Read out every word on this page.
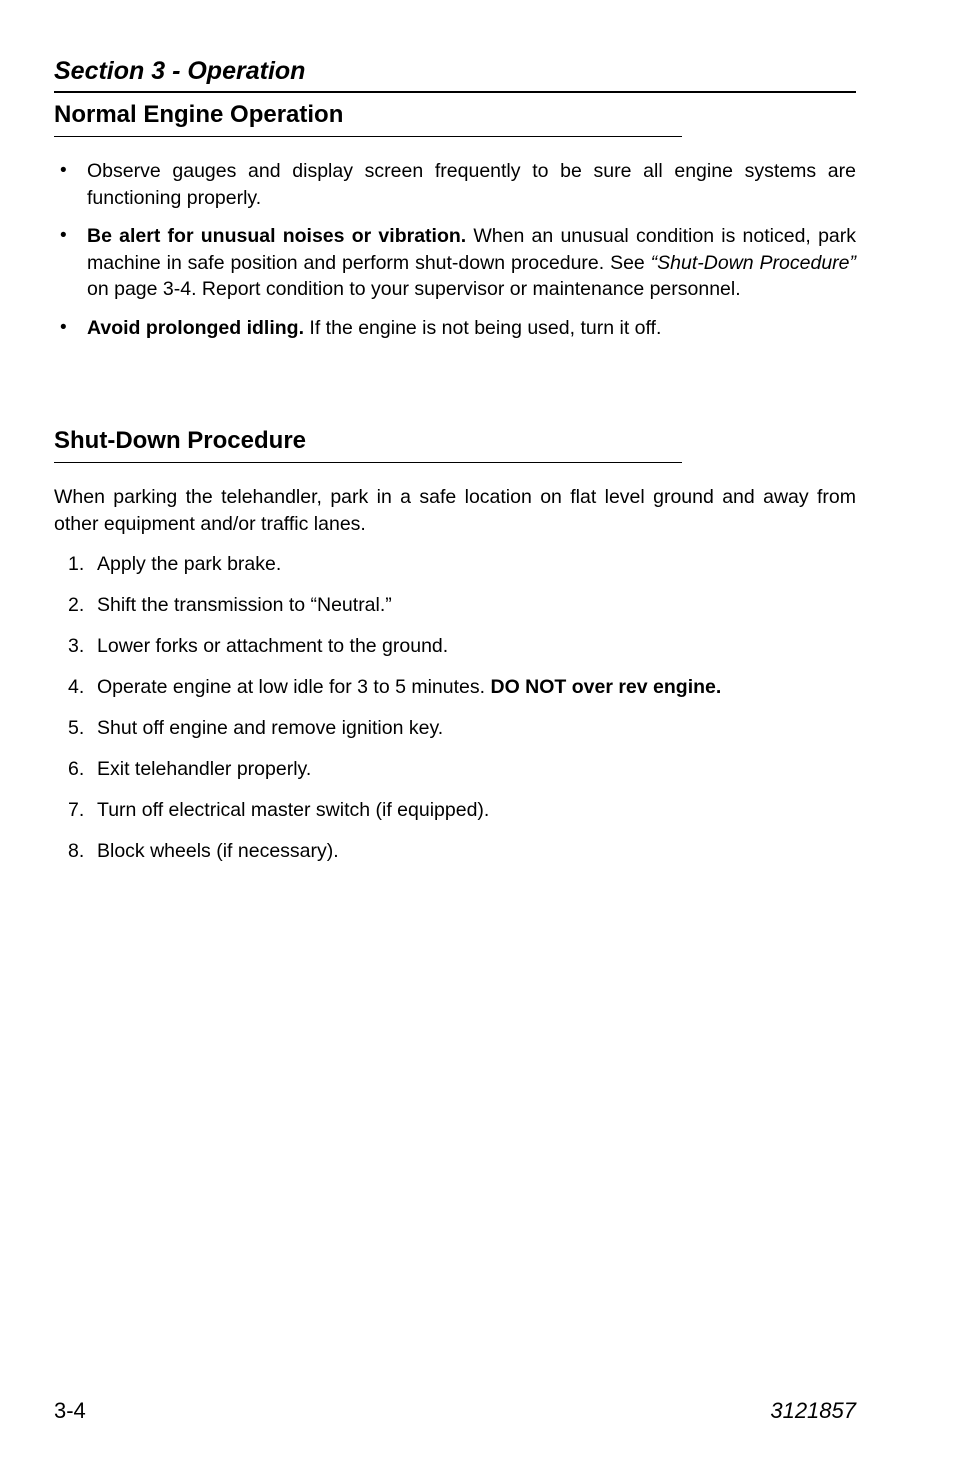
Section 3 - Operation
Normal Engine Operation
• Observe gauges and display screen frequently to be sure all engine systems are functioning properly.
• Be alert for unusual noises or vibration. When an unusual condition is noticed, park machine in safe position and perform shut-down procedure. See “Shut-Down Procedure” on page 3-4. Report condition to your supervisor or maintenance personnel.
• Avoid prolonged idling. If the engine is not being used, turn it off.
Shut-Down Procedure
When parking the telehandler, park in a safe location on flat level ground and away from other equipment and/or traffic lanes.
1. Apply the park brake.
2. Shift the transmission to “Neutral.”
3. Lower forks or attachment to the ground.
4. Operate engine at low idle for 3 to 5 minutes. DO NOT over rev engine.
5. Shut off engine and remove ignition key.
6. Exit telehandler properly.
7. Turn off electrical master switch (if equipped).
8. Block wheels (if necessary).
3-4	3121857
